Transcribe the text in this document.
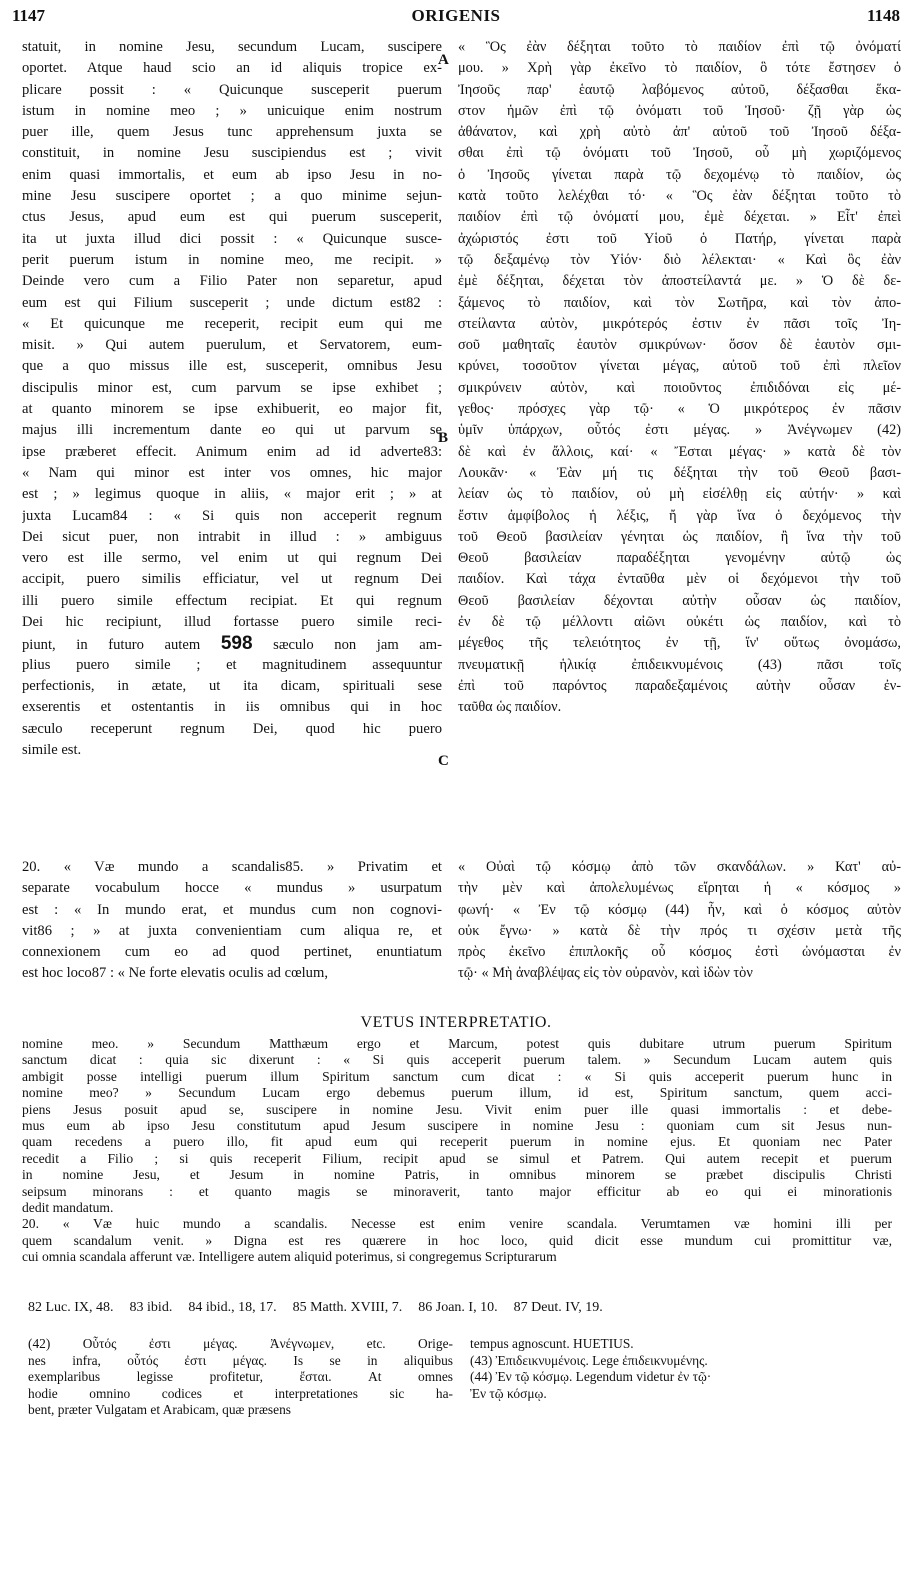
1147	ORIGENIS	1148
A
B
C
statuit, in nomine Jesu, secundum Lucam, suscipere
oportet. Atque haud scio an id aliquis tropice ex-
plicare possit : « Quicunque susceperit puerum
istum in nomine meo ; » unicuique enim nostrum
puer ille, quem Jesus tunc apprehensum juxta se
constituit, in nomine Jesu suscipiendus est ; vivit
enim quasi immortalis, et eum ab ipso Jesu in no-
mine Jesu suscipere oportet ; a quo minime sejun-
ctus Jesus, apud eum est qui puerum susceperit,
ita ut juxta illud dici possit : « Quicunque susce-
perit puerum istum in nomine meo, me recipit. »
Deinde vero cum a Filio Pater non separetur, apud
eum est qui Filium susceperit ; unde dictum est82 :
« Et quicunque me receperit, recipit eum qui me
misit. » Qui autem puerulum, et Servatorem, eum-
que a quo missus ille est, susceperit, omnibus Jesu
discipulis minor est, cum parvum se ipse exhibet ;
at quanto minorem se ipse exhibuerit, eo major fit,
majus illi incrementum dante eo qui ut parvum se
ipse præberet effecit. Animum enim ad id adverte83:
« Nam qui minor est inter vos omnes, hic major
est ; » legimus quoque in aliis, « major erit ; » at
juxta Lucam84 : « Si quis non acceperit regnum
Dei sicut puer, non intrabit in illud : » ambiguus
vero est ille sermo, vel enim ut qui regnum Dei
accipit, puero similis efficiatur, vel ut regnum Dei
illi puero simile effectum recipiat. Et qui regnum
Dei hic recipiunt, illud fortasse puero simile reci-
piunt, in futuro autem 598 sæculo non jam am-
plius puero simile ; et magnitudinem assequuntur
perfectionis, in ætate, ut ita dicam, spirituali sese
exserentis et ostentantis in iis omnibus qui in hoc
sæculo receperunt regnum Dei, quod hic puero
simile est.
« Ὃς ἐὰν δέξηται τοῦτο τὸ παιδίον ἐπὶ τῷ ὀνόματί
μου. » Χρὴ γὰρ ἐκεῖνο τὸ παιδίον, ὃ τότε ἔστησεν ὁ
Ἰησοῦς παρ' ἑαυτῷ λαβόμενος αὐτοῦ, δέξασθαι ἕκα-
στον ἡμῶν ἐπὶ τῷ ὀνόματι τοῦ Ἰησοῦ· ζῇ γὰρ ὡς
ἀθάνατον, καὶ χρὴ αὐτὸ ἀπ' αὐτοῦ τοῦ Ἰησοῦ δέξα-
σθαι ἐπὶ τῷ ὀνόματι τοῦ Ἰησοῦ, οὗ μὴ χωριζόμενος
ὁ Ἰησοῦς γίνεται παρὰ τῷ δεχομένῳ τὸ παιδίον, ὡς
κατὰ τοῦτο λελέχθαι τό· « Ὃς ἐὰν δέξηται τοῦτο τὸ
παιδίον ἐπὶ τῷ ὀνόματί μου, ἐμὲ δέχεται. » Εἶτ' ἐπεὶ
ἀχώριστός ἐστι τοῦ Υἱοῦ ὁ Πατήρ, γίνεται παρὰ
τῷ δεξαμένῳ τὸν Υἱόν· διὸ λέλεκται· « Καὶ ὃς ἐὰν
ἐμὲ δέξηται, δέχεται τὸν ἀποστείλαντά με. » Ὁ δὲ δε-
ξάμενος τὸ παιδίον, καὶ τὸν Σωτῆρα, καὶ τὸν ἀπο-
στείλαντα αὐτὸν, μικρότερός ἐστιν ἐν πᾶσι τοῖς Ἰη-
σοῦ μαθηταῖς ἑαυτὸν σμικρύνων· ὅσον δὲ ἑαυτὸν σμι-
κρύνει, τοσοῦτον γίνεται μέγας, αὐτοῦ τοῦ ἐπὶ πλεῖον
σμικρύνειν αὐτὸν, καὶ ποιοῦντος ἐπιδιδόναι εἰς μέ-
γεθος· πρόσχες γὰρ τῷ· « Ὁ μικρότερος ἐν πᾶσιν
ὑμῖν ὑπάρχων, οὗτός ἐστι μέγας. » Ἀνέγνωμεν (42)
δὲ καὶ ἐν ἄλλοις, καί· « Ἔσται μέγας· » κατὰ δὲ τὸν
Λουκᾶν· « Ἐὰν μή τις δέξηται τὴν τοῦ Θεοῦ βασι-
λείαν ὡς τὸ παιδίον, οὐ μὴ εἰσέλθῃ εἰς αὐτήν· » καὶ
ἔστιν ἀμφίβολος ἡ λέξις, ἤ γὰρ ἵνα ὁ δεχόμενος τὴν
τοῦ Θεοῦ βασιλείαν γένηται ὡς παιδίον, ἢ ἵνα τὴν τοῦ
Θεοῦ βασιλείαν παραδέξηται γενομένην αὐτῷ ὡς
παιδίον. Καὶ τάχα ἐνταῦθα μὲν οἱ δεχόμενοι τὴν τοῦ
Θεοῦ βασιλείαν δέχονται αὐτὴν οὖσαν ὡς παιδίον,
ἐν δὲ τῷ μέλλοντι αἰῶνι οὐκέτι ὡς παιδίον, καὶ τὸ
μέγεθος τῆς τελειότητος ἐν τῇ, ἵν' οὕτως ὀνομάσω,
πνευματικῇ ἡλικίᾳ ἐπιδεικνυμένοις (43) πᾶσι τοῖς
ἐπὶ τοῦ παρόντος παραδεξαμένοις αὐτὴν οὖσαν ἐν-
ταῦθα ὡς παιδίον.
20. « Væ mundo a scandalis85. » Privatim et
separate vocabulum hocce « mundus » usurpatum
est : « In mundo erat, et mundus cum non cognovi-
vit86 ; » at juxta convenientiam cum aliqua re, et
connexionem cum eo ad quod pertinet, enuntiatum
est hoc loco87 : « Ne forte elevatis oculis ad cœlum,
« Οὐαὶ τῷ κόσμῳ ἀπὸ τῶν σκανδάλων. » Κατ' αὐ-
τὴν μὲν καὶ ἀπολελυμένως εἴρηται ἡ « κόσμος »
φωνή· « Ἐν τῷ κόσμῳ (44) ἦν, καὶ ὁ κόσμος αὐτὸν
οὐκ ἔγνω· » κατὰ δὲ τὴν πρός τι σχέσιν μετὰ τῆς
πρὸς ἐκεῖνο ἐπιπλοκῆς οὗ κόσμος ἐστὶ ὠνόμασται ἐν
τῷ· « Μὴ ἀναβλέψας εἰς τὸν οὐρανὸν, καὶ ἰδὼν τὸν
VETUS INTERPRETATIO.
nomine meo. » Secundum Matthæum ergo et Marcum, potest quis dubitare utrum puerum Spiritum
sanctum dicat : quia sic dixerunt : « Si quis acceperit puerum talem. » Secundum Lucam autem quis
ambigit posse intelligi puerum illum Spiritum sanctum cum dicat : « Si quis acceperit puerum hunc in
nomine meo? » Secundum Lucam ergo debemus puerum illum, id est, Spiritum sanctum, quem acci-
piens Jesus posuit apud se, suscipere in nomine Jesu. Vivit enim puer ille quasi immortalis : et debe-
mus eum ab ipso Jesu constitutum apud Jesum suscipere in nomine Jesu : quoniam cum sit Jesus nun-
quam recedens a puero illo, fit apud eum qui receperit puerum in nomine ejus. Et quoniam nec Pater
recedit a Filio ; si quis receperit Filium, recipit apud se simul et Patrem. Qui autem recepit et puerum
in nomine Jesu, et Jesum in nomine Patris, in omnibus minorem se præbet discipulis Christi
seipsum minorans : et quanto magis se minoraverit, tanto major efficitur ab eo qui ei minorationis
dedit mandatum.
20. « Væ huic mundo a scandalis. Necesse est enim venire scandala. Verumtamen væ homini illi per
quem scandalum venit. » Digna est res quærere in hoc loco, quid dicit esse mundum cui promittitur væ,
cui omnia scandala afferunt væ. Intelligere autem aliquid poterimus, si congregemus Scripturarum
82 Luc. IX, 48. 83 ibid. 84 ibid., 18, 17. 85 Matth. XVIII, 7. 86 Joan. I, 10. 87 Deut. IV, 19.
(42) Οὗτός ἐστι μέγας. Ἀνέγνωμεν, etc. Orige-
nes infra, οὗτός ἐστι μέγας. Is se in aliquibus
exemplaribus legisse profitetur, ἔσται. At omnes
hodie omnino codices et interpretationes sic ha-
bent, præter Vulgatam et Arabicam, quæ præsens
tempus agnoscunt. HUETIUS.
(43) Ἐπιδεικνυμένοις. Lege ἐπιδεικνυμένης.
(44) Ἐν τῷ κόσμῳ. Legendum videtur ἐν τῷ·
Ἐν τῷ κόσμῳ.
